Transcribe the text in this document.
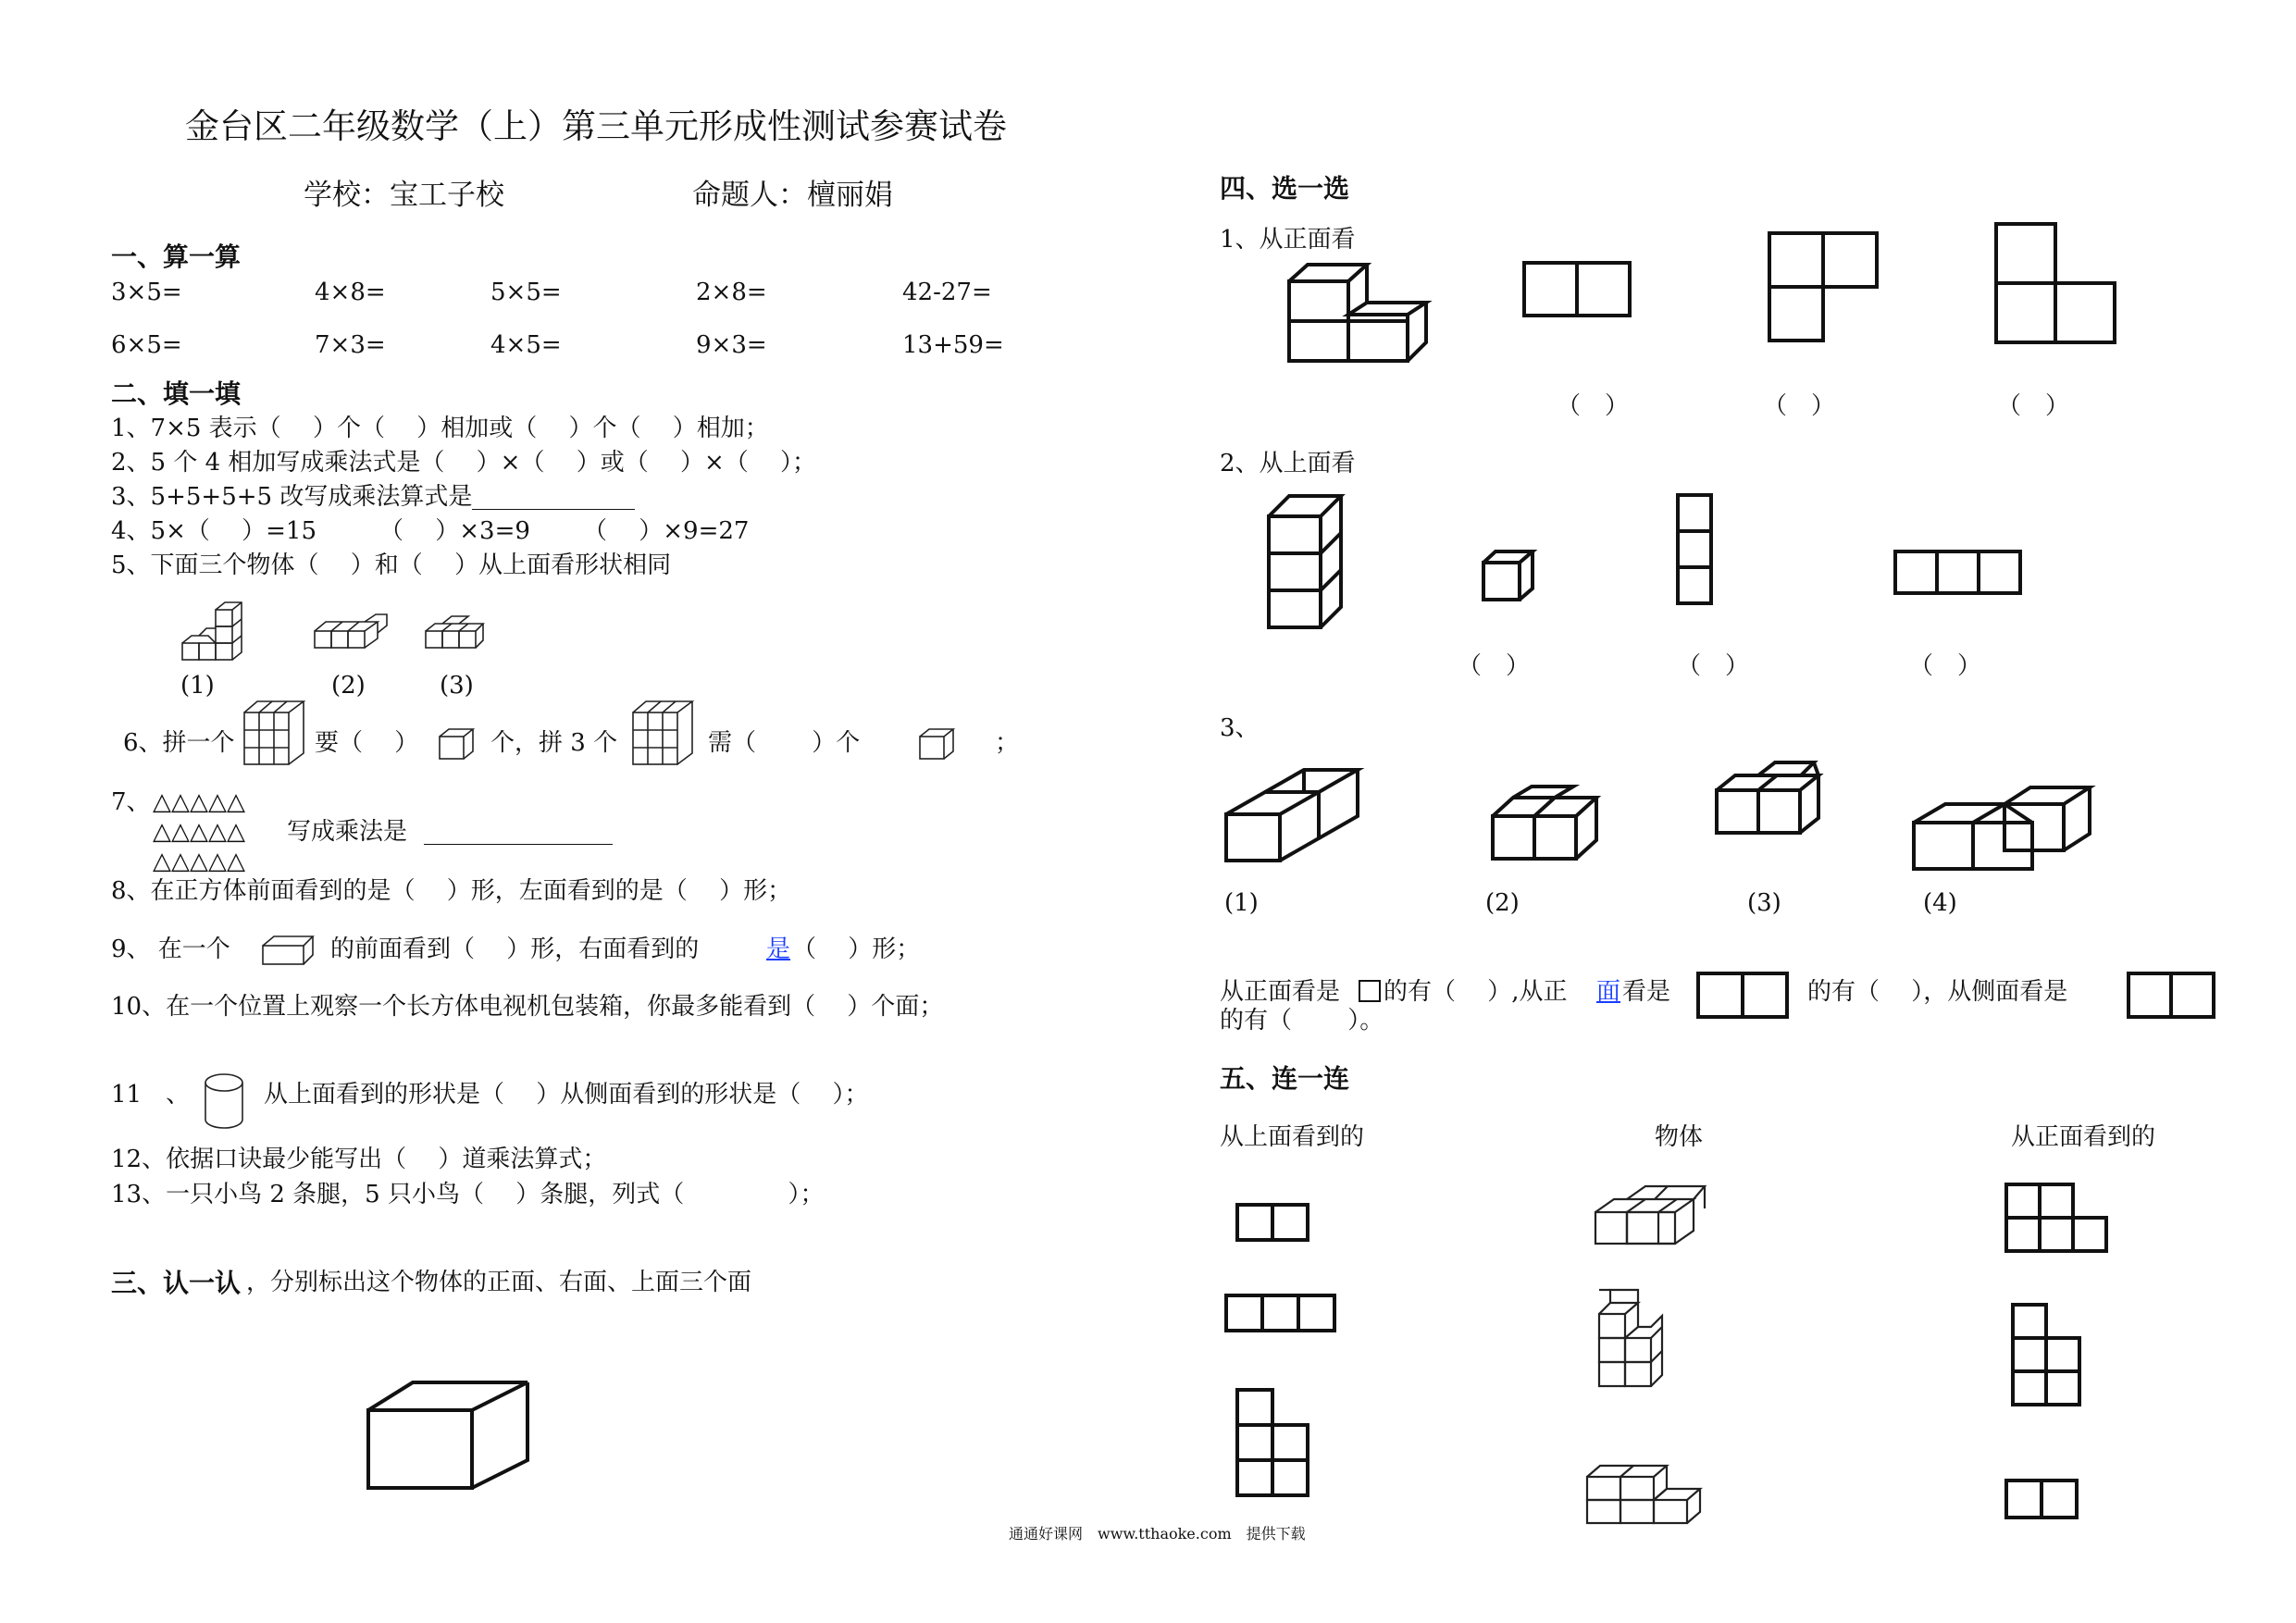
金台区二年级数学（上）第三单元形成性测试参赛试卷
学校：宝工子校	命题人：檀丽娟
一、算一算
3×5=	4×8=	5×5=	2×8=	42-27=
6×5=	7×3=	4×5=	9×3=	13+59=
二、填一填
1、7×5 表示（　 ）个（　 ）相加或（　 ）个（　 ）相加；
2、5 个 4 相加写成乘法式是（　 ）×（　 ）或（　 ）×（　 ）；
3、5+5+5+5 改写成乘法算式是
4、5×（　 ）=15	（　 ）×3=9 （　 ）×9=27
5、下面三个物体（　 ）和（　 ）从上面看形状相同
(1)	(2)	(3)
6、拼一个	要（　 ）	个，拼 3 个	需（　　 ）个	；
7、 △△△△△
△△△△△ 写成乘法是
△△△△△
8、在正方体前面看到的是（　 ）形，左面看到的是（　 ）形；
9、 在一个	的前面看到（　 ）形，右面看到的	是 （　 ）形；
10、在一个位置上观察一个长方体电视机包装箱，你最多能看到（　 ）个面；
11　、	从上面看到的形状是（　 ）从侧面看到的形状是（　 ）；
12、依据口诀最少能写出（　 ）道乘法算式；
13、一只小鸟 2 条腿，5 只小鸟（　 ）条腿，列式（　　　　 ）；
三、认一认 ，分别标出这个物体的正面、右面、上面三个面
四、选一选
1、从正面看
（　）	（　）	（　）
2、从上面看
（　）	（　）	（　）
3、
(1)	(2)	(3)	(4)
从正面看是 的有（　 ）,从正 面 看是	的有（　 ），从侧面看是
的有（　　 ）。
五、连一连
从上面看到的	物体	从正面看到的
通通好课网　www.tthaoke.com　提供下载
